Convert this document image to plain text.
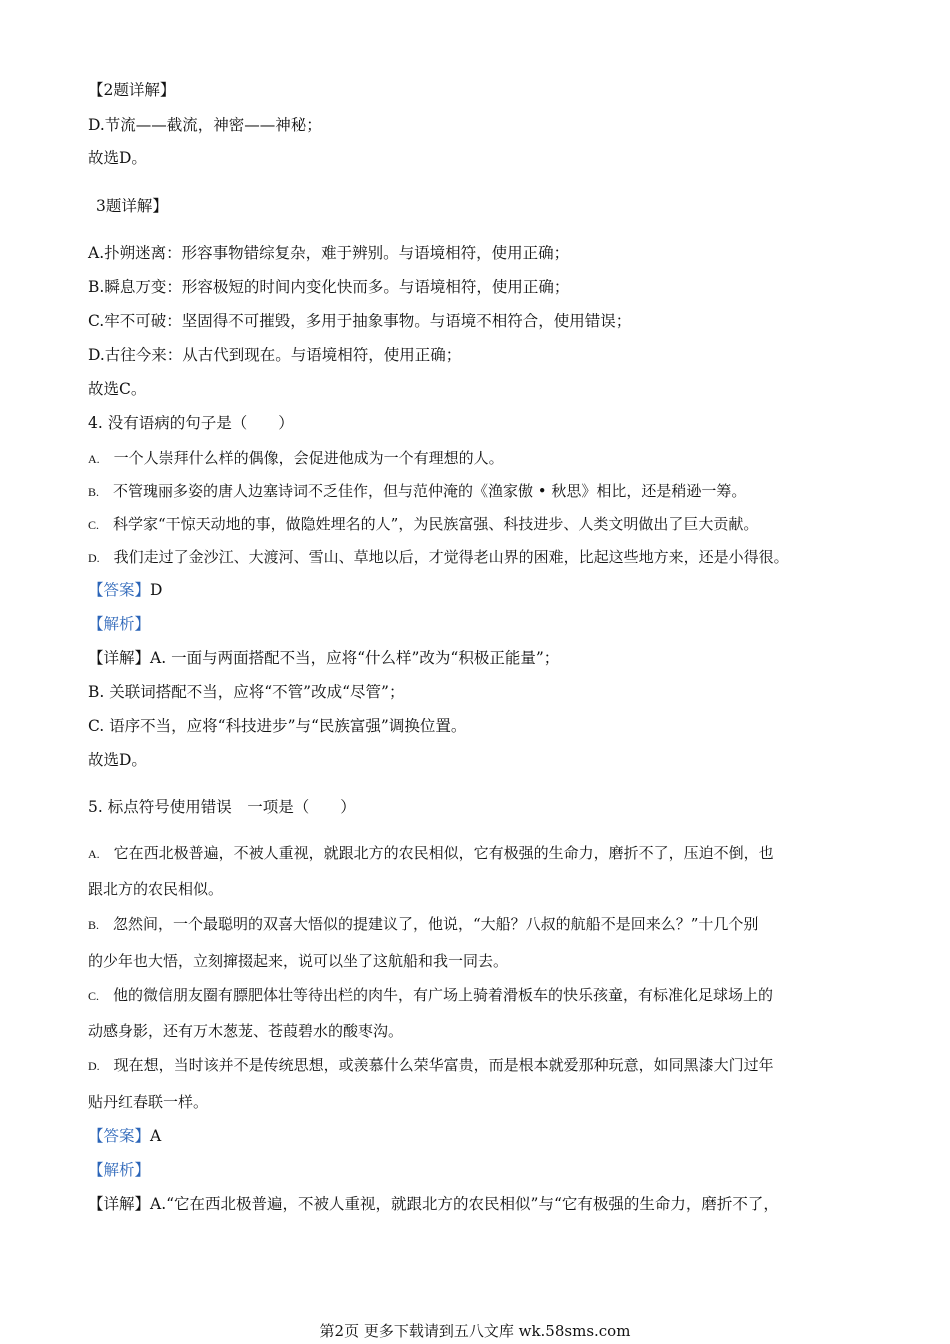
【2题详解】
D.节流——截流，神密——神秘；
故选D。
3题详解】
A.扑朔迷离：形容事物错综复杂，难于辨别。与语境相符，使用正确；
B.瞬息万变：形容极短的时间内变化快而多。与语境相符，使用正确；
C.牢不可破：坚固得不可摧毁，多用于抽象事物。与语境不相符合，使用错误；
D.古往今来：从古代到现在。与语境相符，使用正确；
故选C。
4. 没有语病的句子是（　　）
A. 一个人崇拜什么样的偶像，会促进他成为一个有理想的人。
B. 不管瑰丽多姿的唐人边塞诗词不乏佳作，但与范仲淹的《渔家傲 • 秋思》相比，还是稍逊一筹。
C. 科学家“干惊天动地的事，做隐姓埋名的人”，为民族富强、科技进步、人类文明做出了巨大贡献。
D. 我们走过了金沙江、大渡河、雪山、草地以后，才觉得老山界的困难，比起这些地方来，还是小得很。
【答案】D
【解析】
【详解】A. 一面与两面搭配不当，应将“什么样”改为“积极正能量”；
B. 关联词搭配不当，应将“不管”改成“尽管”；
C. 语序不当，应将“科技进步”与“民族富强”调换位置。
故选D。
5. 标点符号使用错误　一项是（　　）
A. 它在西北极普遍，不被人重视，就跟北方的农民相似，它有极强的生命力，磨折不了，压迫不倒，也
跟北方的农民相似。
B. 忽然间，一个最聪明的双喜大悟似的提建议了，他说，“大船？八叔的航船不是回来么？”十几个别
的少年也大悟，立刻撺掇起来，说可以坐了这航船和我一同去。
C. 他的微信朋友圈有膘肥体壮等待出栏的肉牛，有广场上骑着滑板车的快乐孩童，有标准化足球场上的
动感身影，还有万木葱茏、苍葭碧水的酸枣沟。
D. 现在想，当时该并不是传统思想，或羡慕什么荣华富贵，而是根本就爱那种玩意，如同黑漆大门过年
贴丹红春联一样。
【答案】A
【解析】
【详解】A.“它在西北极普遍，不被人重视，就跟北方的农民相似”与“它有极强的生命力，磨折不了，
第2页 更多下载请到五八文库 wk.58sms.com
